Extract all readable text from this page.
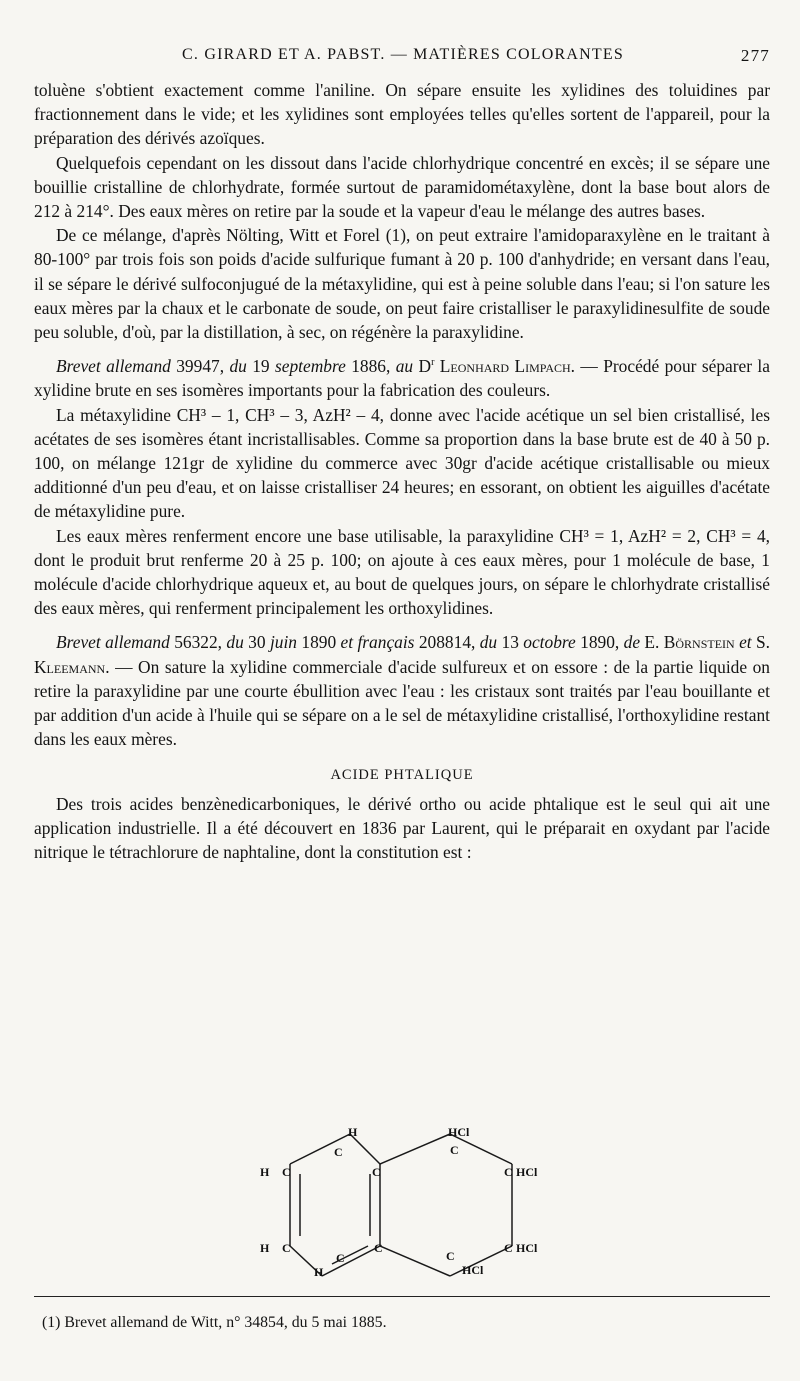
C. GIRARD ET A. PABST. — MATIÈRES COLORANTES	277

toluène s'obtient exactement comme l'aniline. On sépare ensuite les xylidines des toluidines par fractionnement dans le vide; et les xylidines sont employées telles qu'elles sortent de l'appareil, pour la préparation des dérivés azoïques.

Quelquefois cependant on les dissout dans l'acide chlorhydrique concentré en excès; il se sépare une bouillie cristalline de chlorhydrate, formée surtout de paramidométaxylène, dont la base bout alors de 212 à 214°. Des eaux mères on retire par la soude et la vapeur d'eau le mélange des autres bases.

De ce mélange, d'après Nölting, Witt et Forel (1), on peut extraire l'amidoparaxylène en le traitant à 80-100° par trois fois son poids d'acide sulfurique fumant à 20 p. 100 d'anhydride; en versant dans l'eau, il se sépare le dérivé sulfoconjugué de la métaxylidine, qui est à peine soluble dans l'eau; si l'on sature les eaux mères par la chaux et le carbonate de soude, on peut faire cristalliser le paraxylidinesulfite de soude peu soluble, d'où, par la distillation, à sec, on régénère la paraxylidine.

Brevet allemand 39947, du 19 septembre 1886, au $D^r$ Leonhard Limpach. — Procédé pour séparer la xylidine brute en ses isomères importants pour la fabrication des couleurs.

La métaxylidine CH³ – 1, CH³ – 3, AzH² – 4, donne avec l'acide acétique un sel bien cristallisé, les acétates de ses isomères étant incristallisables. Comme sa proportion dans la base brute est de 40 à 50 p. 100, on mélange 121gr de xylidine du commerce avec 30gr d'acide acétique cristallisable ou mieux additionné d'un peu d'eau, et on laisse cristalliser 24 heures; en essorant, on obtient les aiguilles d'acétate de métaxylidine pure.

Les eaux mères renferment encore une base utilisable, la paraxylidine CH³ = 1, AzH² = 2, CH³ = 4, dont le produit brut renferme 20 à 25 p. 100; on ajoute à ces eaux mères, pour 1 molécule de base, 1 molécule d'acide chlorhydrique aqueux et, au bout de quelques jours, on sépare le chlorhydrate cristallisé des eaux mères, qui renferment principalement les orthoxylidines.

Brevet allemand 56322, du 30 juin 1890 et français 208814, du 13 octobre 1890, de E. Börnstein et S. Kleemann. — On sature la xylidine commerciale d'acide sulfureux et on essore : de la partie liquide on retire la paraxylidine par une courte ébullition avec l'eau : les cristaux sont traités par l'eau bouillante et par addition d'un acide à l'huile qui se sépare on a le sel de métaxylidine cristallisé, l'orthoxylidine restant dans les eaux mères.

ACIDE PHTALIQUE

Des trois acides benzènedicarboniques, le dérivé ortho ou acide phtalique est le seul qui ait une application industrielle. Il a été découvert en 1836 par Laurent, qui le préparait en oxydant par l'acide nitrique le tétrachlorure de naphtaline, dont la constitution est :

H	HCl
C	C
C	C	C
C	C	C
C	C
H
H
H
HCl
HCl
HCl
(1) Brevet allemand de Witt, n° 34854, du 5 mai 1885.
